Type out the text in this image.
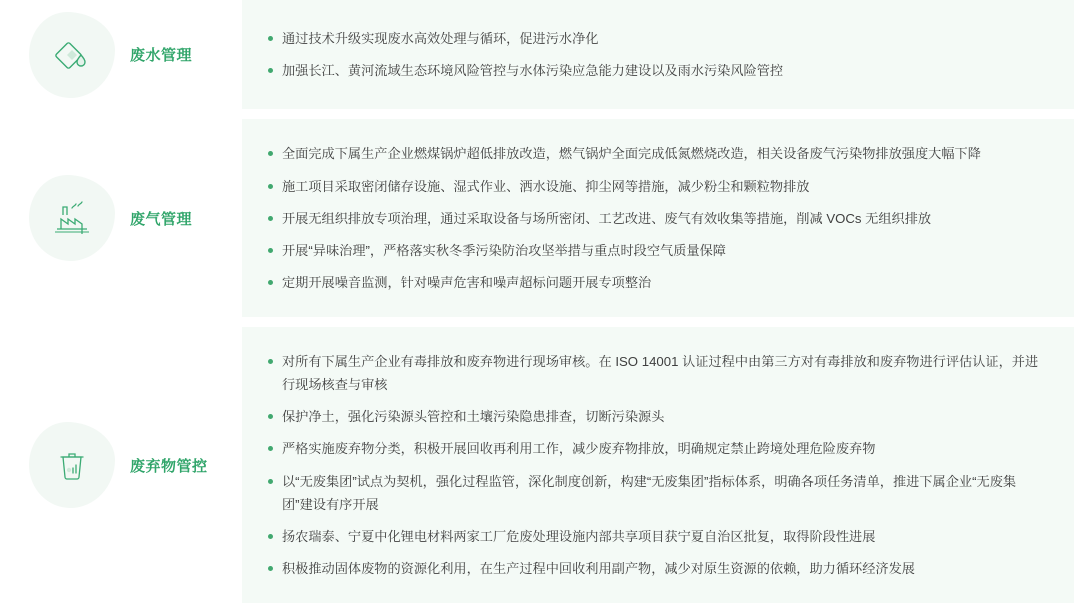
废水管理
通过技术升级实现废水高效处理与循环，促进污水净化
加强长江、黄河流域生态环境风险管控与水体污染应急能力建设以及雨水污染风险管控
废气管理
全面完成下属生产企业燃煤锅炉超低排放改造，燃气锅炉全面完成低氮燃烧改造，相关设备废气污染物排放强度大幅下降
施工项目采取密闭储存设施、湿式作业、洒水设施、抑尘网等措施，减少粉尘和颗粒物排放
开展无组织排放专项治理，通过采取设备与场所密闭、工艺改进、废气有效收集等措施，削减 VOCs 无组织排放
开展“异味治理”，严格落实秋冬季污染防治攻坚举措与重点时段空气质量保障
定期开展噪音监测，针对噪声危害和噪声超标问题开展专项整治
废弃物管控
对所有下属生产企业有毒排放和废弃物进行现场审核。在 ISO 14001 认证过程中由第三方对有毒排放和废弃物进行评估认证，并进行现场核查与审核
保护净土，强化污染源头管控和土壤污染隐患排查，切断污染源头
严格实施废弃物分类，积极开展回收再利用工作，减少废弃物排放，明确规定禁止跨境处理危险废弃物
以“无废集团”试点为契机，强化过程监管，深化制度创新，构建“无废集团”指标体系，明确各项任务清单，推进下属企业“无废集团”建设有序开展
扬农瑞泰、宁夏中化锂电材料两家工厂危废处理设施内部共享项目获宁夏自治区批复，取得阶段性进展
积极推动固体废物的资源化利用，在生产过程中回收利用副产物，减少对原生资源的依赖，助力循环经济发展
